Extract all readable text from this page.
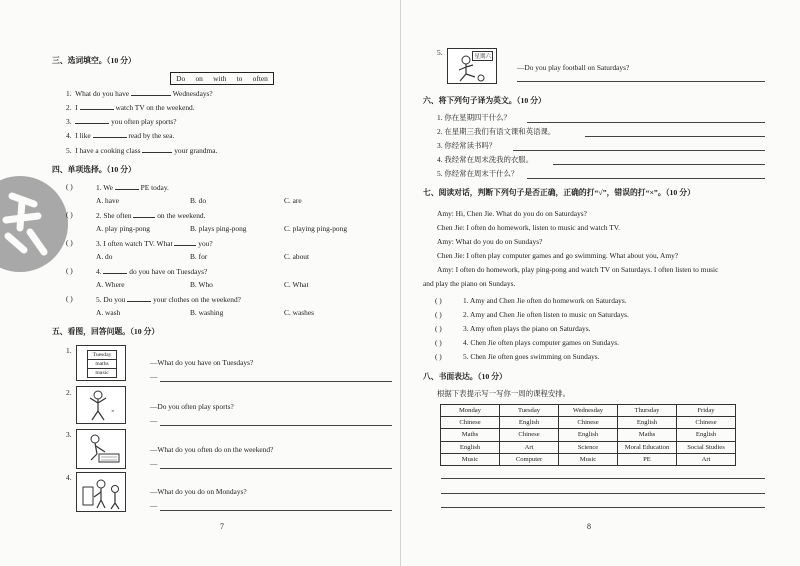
三、选词填空。（10 分）
Do on with to often
1. What do you have	Wednesdays?
2. I	watch TV on the weekend.
3.	you often play sports?
4. I like	read by the sea.
5. I have a cooking class	your grandma.
四、单项选择。（10 分）
( )	1. We	PE today.
A. have	B. do	C. are
( )	2. She often	on the weekend.
A. play ping-pong	B. plays ping-pong	C. playing ping-pong
( )	3. I often watch TV. What	you?
A. do	B. for	C. about
( )	4.	do you have on Tuesdays?
A. Where	B. Who	C. What
( )	5. Do you	your clothes on the weekend?
A. wash	B. washing	C. washes
五、看图，回答问题。（10 分）
1.	Tuesday
maths
music
—What do you have on Tuesdays?
—
2.
×
—Do you often play sports?
—
3.
—What do you often do on the weekend?
—
4.
—What do you do on Mondays?
—
7
5.	星期六
—Do you play football on Saturdays?
六、将下列句子译为英文。（10 分）
1. 你在星期四干什么？
2. 在星期三我们有语文课和英语课。
3. 你经常读书吗？
4. 我经常在周末洗我的衣服。
5. 你经常在周末干什么？
七、阅读对话，判断下列句子是否正确，正确的打“√”，错误的打“×”。（10 分）
Amy: Hi, Chen Jie. What do you do on Saturdays?
Chen Jie: I often do homework, listen to music and watch TV.
Amy: What do you do on Sundays?
Chen Jie: I often play computer games and go swimming. What about you, Amy?
Amy: I often do homework, play ping-pong and watch TV on Saturdays. I often listen to music
and play the piano on Sundays.
( )	1. Amy and Chen Jie often do homework on Saturdays.
( )	2. Amy and Chen Jie often listen to music on Saturdays.
( )	3. Amy often plays the piano on Saturdays.
( )	4. Chen Jie often plays computer games on Sundays.
( )	5. Chen Jie often goes swimming on Sundays.
八、书面表达。（10 分）
根据下表提示写一写你一周的课程安排。
8
Monday	Tuesday	Wednesday	Thursday	Friday
Chinese	English	Chinese	English	Chinese
Maths	Chinese	English	Maths	English
English	Art	Science	Moral Education	Social Studies
Music	Computer	Music	PE	Art
